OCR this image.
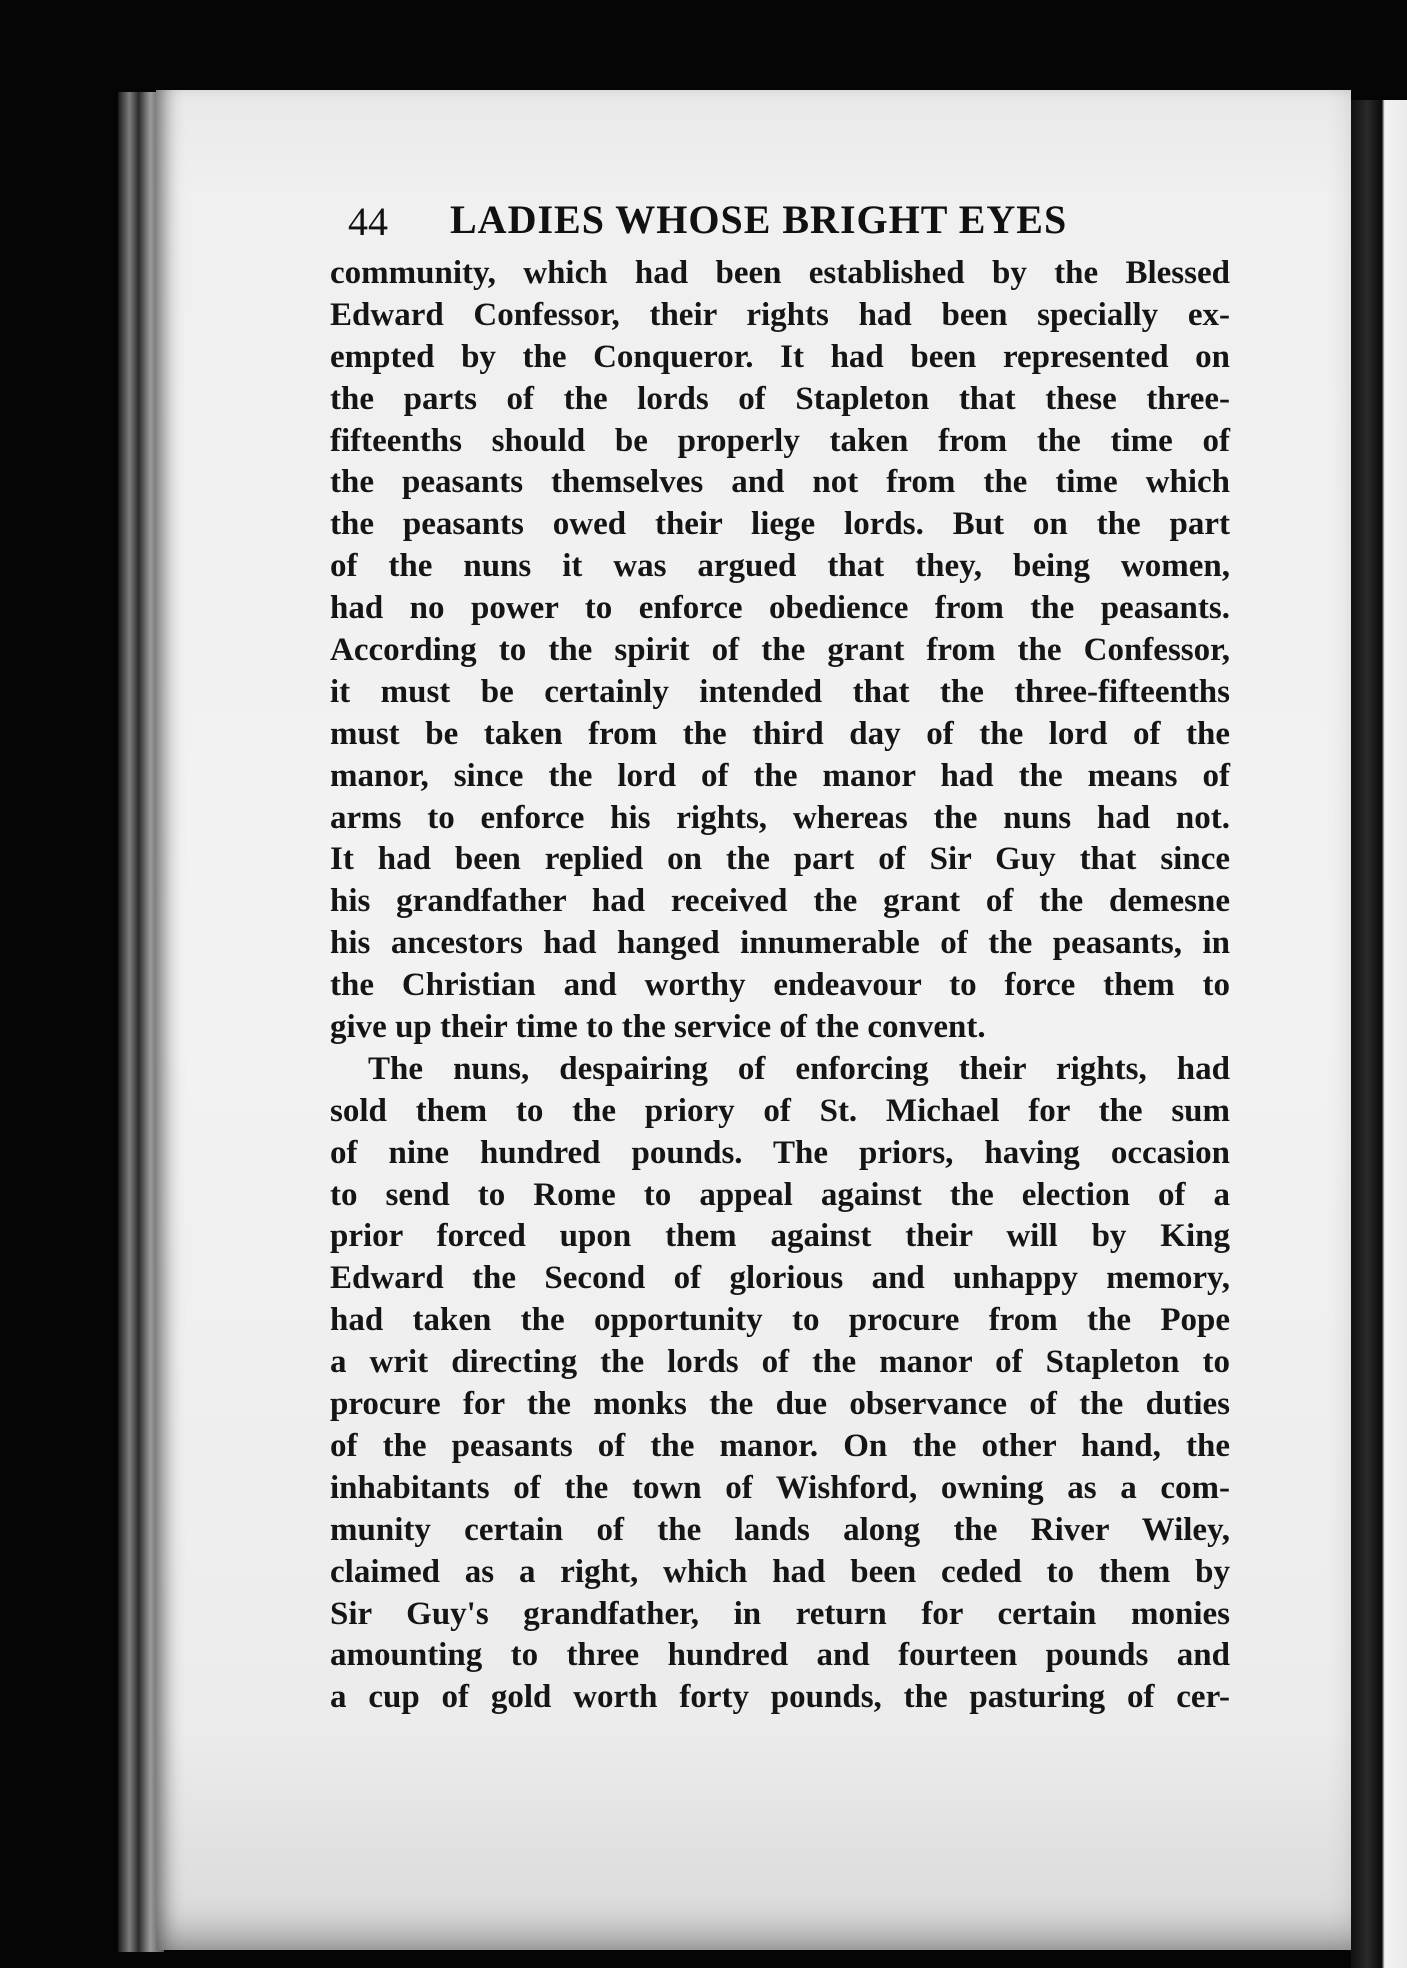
44 LADIES WHOSE BRIGHT EYES
community, which had been established by the Blessed
Edward Confessor, their rights had been specially ex-
empted by the Conqueror. It had been represented on
the parts of the lords of Stapleton that these three-
fifteenths should be properly taken from the time of
the peasants themselves and not from the time which
the peasants owed their liege lords. But on the part
of the nuns it was argued that they, being women,
had no power to enforce obedience from the peasants.
According to the spirit of the grant from the Confessor,
it must be certainly intended that the three-fifteenths
must be taken from the third day of the lord of the
manor, since the lord of the manor had the means of
arms to enforce his rights, whereas the nuns had not.
It had been replied on the part of Sir Guy that since
his grandfather had received the grant of the demesne
his ancestors had hanged innumerable of the peasants, in
the Christian and worthy endeavour to force them to
give up their time to the service of the convent.
The nuns, despairing of enforcing their rights, had
sold them to the priory of St. Michael for the sum
of nine hundred pounds. The priors, having occasion
to send to Rome to appeal against the election of a
prior forced upon them against their will by King
Edward the Second of glorious and unhappy memory,
had taken the opportunity to procure from the Pope
a writ directing the lords of the manor of Stapleton to
procure for the monks the due observance of the duties
of the peasants of the manor. On the other hand, the
inhabitants of the town of Wishford, owning as a com-
munity certain of the lands along the River Wiley,
claimed as a right, which had been ceded to them by
Sir Guy's grandfather, in return for certain monies
amounting to three hundred and fourteen pounds and
a cup of gold worth forty pounds, the pasturing of cer-
